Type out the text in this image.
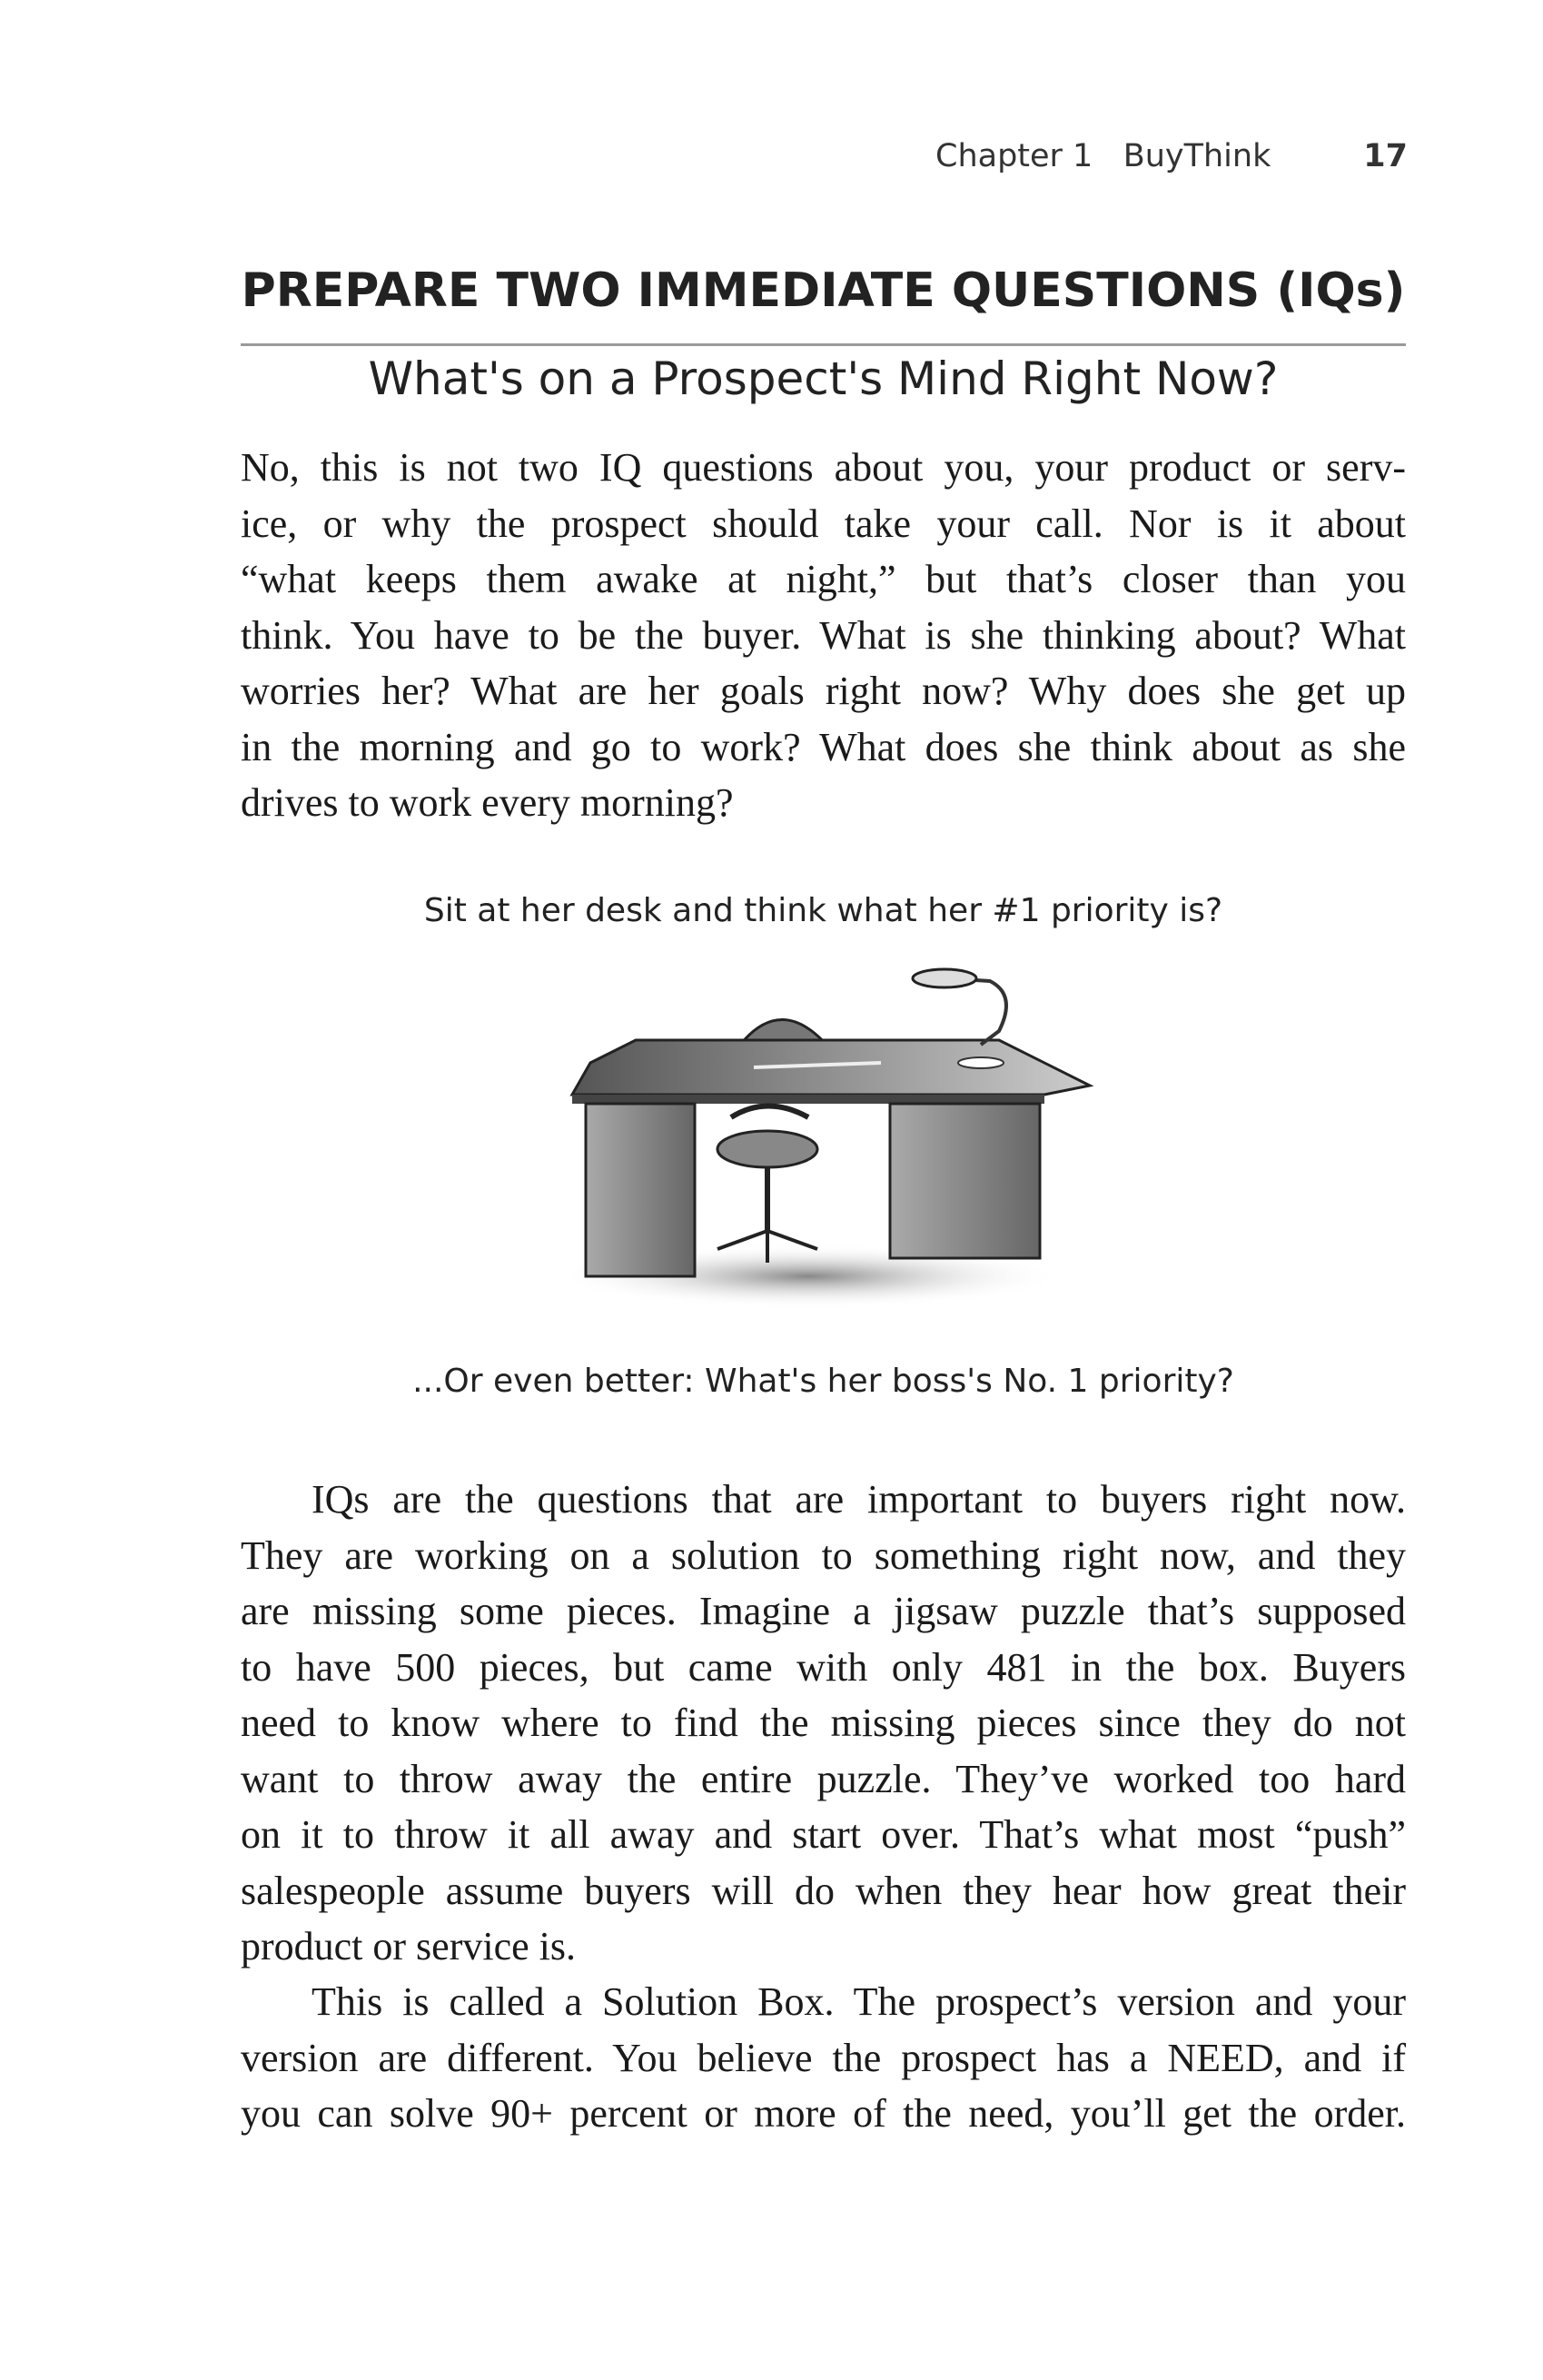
Chapter 1   BuyThink	17
PREPARE TWO IMMEDIATE QUESTIONS (IQs)
What's on a Prospect's Mind Right Now?
No, this is not two IQ questions about you, your product or serv-
ice, or why the prospect should take your call. Nor is it about
“what keeps them awake at night,” but that’s closer than you
think. You have to be the buyer. What is she thinking about? What
worries her? What are her goals right now? Why does she get up
in the morning and go to work? What does she think about as she
drives to work every morning?
Sit at her desk and think what her #1 priority is?
...Or even better: What's her boss's No. 1 priority?
IQs are the questions that are important to buyers right now.
They are working on a solution to something right now, and they
are missing some pieces. Imagine a jigsaw puzzle that’s supposed
to have 500 pieces, but came with only 481 in the box. Buyers
need to know where to find the missing pieces since they do not
want to throw away the entire puzzle. They’ve worked too hard
on it to throw it all away and start over. That’s what most “push”
salespeople assume buyers will do when they hear how great their
product or service is.
This is called a Solution Box. The prospect’s version and your
version are different. You believe the prospect has a NEED, and if
you can solve 90+ percent or more of the need, you’ll get the order.
